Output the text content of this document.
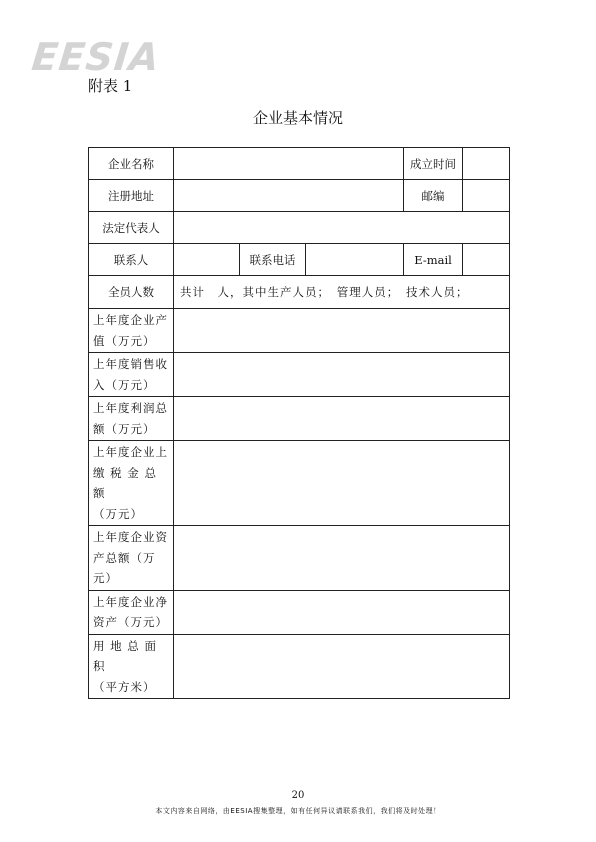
EESIA
附表 1
企业基本情况
企业名称				成立时间	
注册地址				邮编	
法定代表人					
联系人		联系电话		E-mail	
全员人数	共计　人，其中生产人员；　管理人员；　技术人员；				

上年度企业产
值（万元）					

上年度销售收
入（万元）					

上年度利润总
额（万元）					

上年度企业上
缴 税 金 总 额
（万元）					

上年度企业资
产总额（万元）					

上年度企业净
资产（万元）					

用 地 总 面 积
（平方米）					

20
本文内容来自网络，由EESIA搜集整理，如有任何异议请联系我们，我们将及时处理！
